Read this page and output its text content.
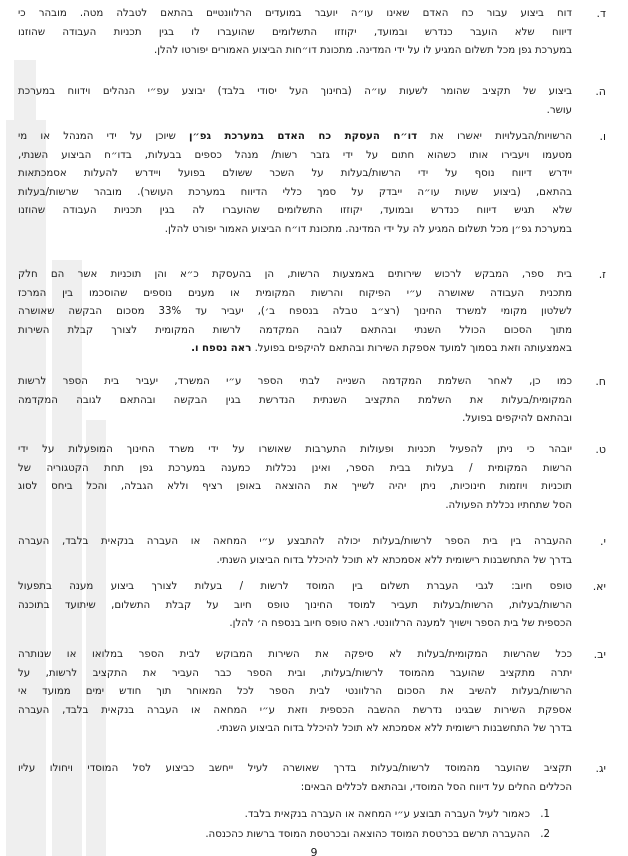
ד.
דוח ביצוע עבור כח האדם שאינו עו״ה יועבר במועדים הרלוונטיים בהתאם לטבלה מטה. מובהר כי
דיווח שלא הועבר כנדרש ובמועד, יקוזזו התשלומים שהועברו לו בגין תכניות העבודה שהוזנו
במערכת גפן מכל תשלום המגיע לו על ידי המדינה. מתכונת דו״חות הביצוע האמורים יפורטו להלן.
ה.
ביצוע של תקציב שהומר לשעות עו״ה (בחינוך העל יסודי בלבד) יבוצע עפ״י הנהלים וידווח במערכת
עושר.
ו.
הרשויות/הבעלויות יאשרו את דו״ח העסקת כח האדם במערכת גפ״ן שיוכן על ידי המנהל או מי
מטעמו ויעבירו אותו כשהוא חתום על ידי גזבר רשות/ מנהל כספים בבעלות, בדו״ח הביצוע השנתי,
יידרש דיווח נוסף על ידי הרשות/בעלות על השכר ששולם בפועל ויידרש להעלות אסמכתאות
בהתאם, (ביצוע שעות עו״ה ייבדק על סמך כללי הדיווח במערכת העושר). מובהר שרשות/בעלות
שלא תגיש דיווח כנדרש ובמועד, יקוזזו התשלומים שהועברו לה בגין תכניות העבודה שהוזנו
במערכת גפ״ן מכל תשלום המגיע לה על ידי המדינה. מתכונת דו״ח הביצוע האמור יפורט להלן.
ז.
בית ספר, המבקש לרכוש שירותים באמצעות הרשות, הן בהעסקת כ״א והן תוכניות אשר הם חלק
מתכנית העבודה שאושרה ע״י הפיקוח והרשות המקומית או מענים נוספים שהוסכמו בין המרכז
לשלטון מקומי למשרד החינוך (רצ״ב טבלה בנספח ב׳), יעביר עד 33% מסכום הבקשה שאושרה
מתוך הסכום הכולל השנתי ובהתאם לגובה המקדמה לרשות המקומית לצורך קבלת השירות
באמצעותה וזאת בסמוך למועד אספקת השירות ובהתאם להיקפים בפועל. ראה נספח ו.
ח.
כמו כן, לאחר השלמת המקדמה השנייה לבתי הספר ע״י המשרד, יעביר בית הספר לרשות
המקומית/בעלות את השלמת התקציב השנתית הנדרשת בגין הבקשה ובהתאם לגובה המקדמה
ובהתאם להיקפים בפועל.
ט.
יובהר כי ניתן להפעיל תכניות ופעולות התערבות שאושרו על ידי משרד החינוך המופעלות על ידי
הרשות המקומית / בעלות בבית הספר, ואינן נכללות כמענה במערכת גפן תחת הקטגוריה של
תוכניות ויוזמות חינוכיות, ניתן יהיה לשייך את ההוצאה באופן רציף וללא הגבלה, והכל ביחס לסוג
הסל שתחתיו נכללת הפעולה.
י.
ההעברה בין בית הספר לרשות/בעלות יכולה להתבצע ע״י המחאה או העברה בנקאית בלבד, העברה
בדרך של התחשבנות רישומית ללא אסמכתא לא תוכל להיכלל בדוח הביצוע השנתי.
יא.
טופס חיוב: לגבי העברת תשלום בין המוסד לרשות / בעלות לצורך ביצוע מענה בתפעול
הרשות/בעלות, הרשות/בעלות תעביר למוסד החינוך טופס חיוב על קבלת התשלום, שיתועד בתוכנה
הכספית של בית הספר וישויך למענה הרלוונטי. ראה טופס חיוב בנספח ה׳ להלן.
יב.
ככל שהרשות המקומית/בעלות לא סיפקה את השירות המבוקש לבית הספר במלואו או שנותרה
יתרה מתקציב שהועבר מהמוסד לרשות/בעלות, ובית הספר כבר העביר את התקציב לרשות, על
הרשות/בעלות להשיב את הסכום הרלוונטי לבית הספר לכל המאוחר תוך חודש ימים ממועד אי
אספקת השירות שבגינו נדרשת ההשבה הכספית וזאת ע״י המחאה או העברה בנקאית בלבד, העברה
בדרך של התחשבנות רישומית ללא אסמכתא לא תוכל להיכלל בדוח הביצוע השנתי.
יג.
תקציב שהועבר מהמוסד לרשות/בעלות בדרך שאושרה לעיל ייחשב כביצוע לסל המוסדי ויחולו עליו
הכללים החלים על דיווח הסל המוסדי, ובהתאם לכללים הבאים:
1.
כאמור לעיל העברה תבוצע ע״י המחאה או העברה בנקאית בלבד.
2.
ההעברה תרשם בכרטסת המוסד כהוצאה ובכרטסת המוסד ברשות כהכנסה.
9
